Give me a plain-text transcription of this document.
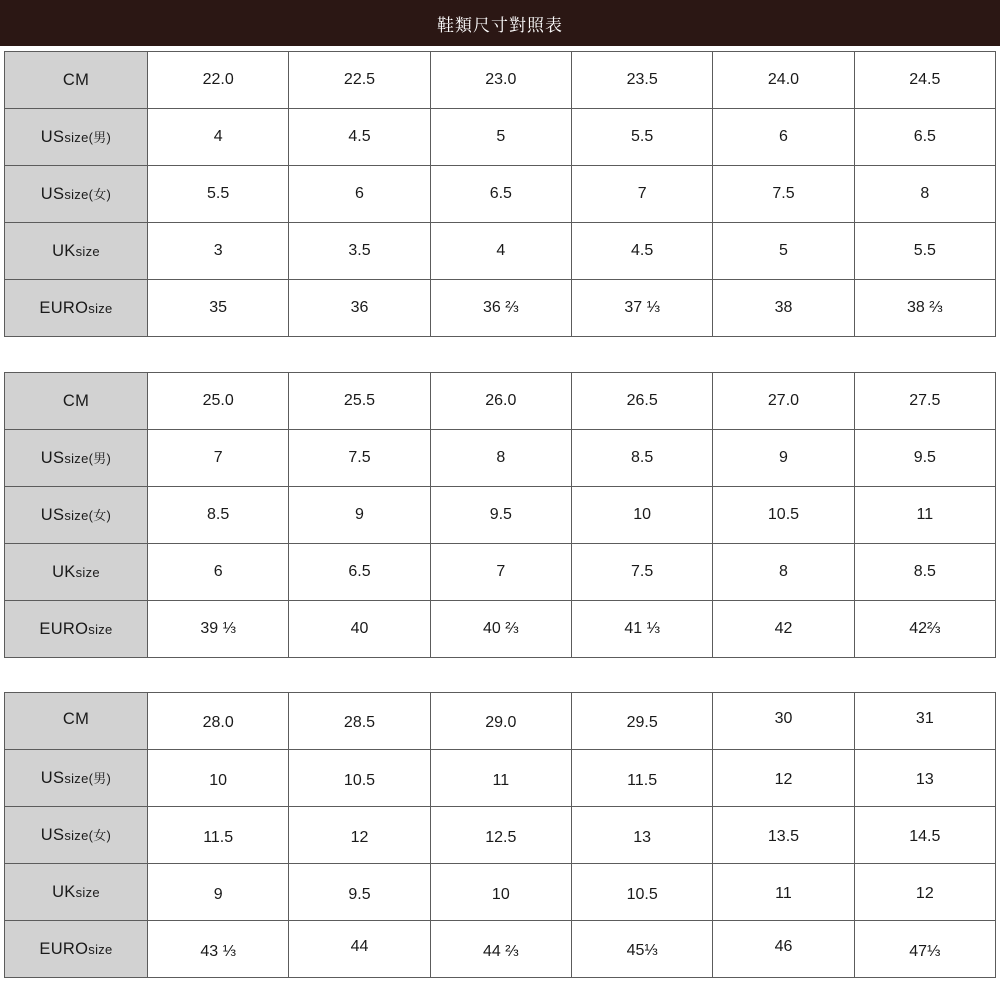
鞋類尺寸對照表
CM	22.0	22.5	23.0	23.5	24.0	24.5
USsize(男)	4	4.5	5	5.5	6	6.5
USsize(女)	5.5	6	6.5	7	7.5	8
UKsize	3	3.5	4	4.5	5	5.5
EUROsize	35	36	36 ⅔	37 ⅓	38	38 ⅔
CM	25.0	25.5	26.0	26.5	27.0	27.5
USsize(男)	7	7.5	8	8.5	9	9.5
USsize(女)	8.5	9	9.5	10	10.5	11
UKsize	6	6.5	7	7.5	8	8.5
EUROsize	39 ⅓	40	40 ⅔	41 ⅓	42	42⅔
CM	28.0	28.5	29.0	29.5	30	31
USsize(男)	10	10.5	11	11.5	12	13
USsize(女)	11.5	12	12.5	13	13.5	14.5
UKsize	9	9.5	10	10.5	11	12
EUROsize	43 ⅓	44	44 ⅔	45⅓	46	47⅓
